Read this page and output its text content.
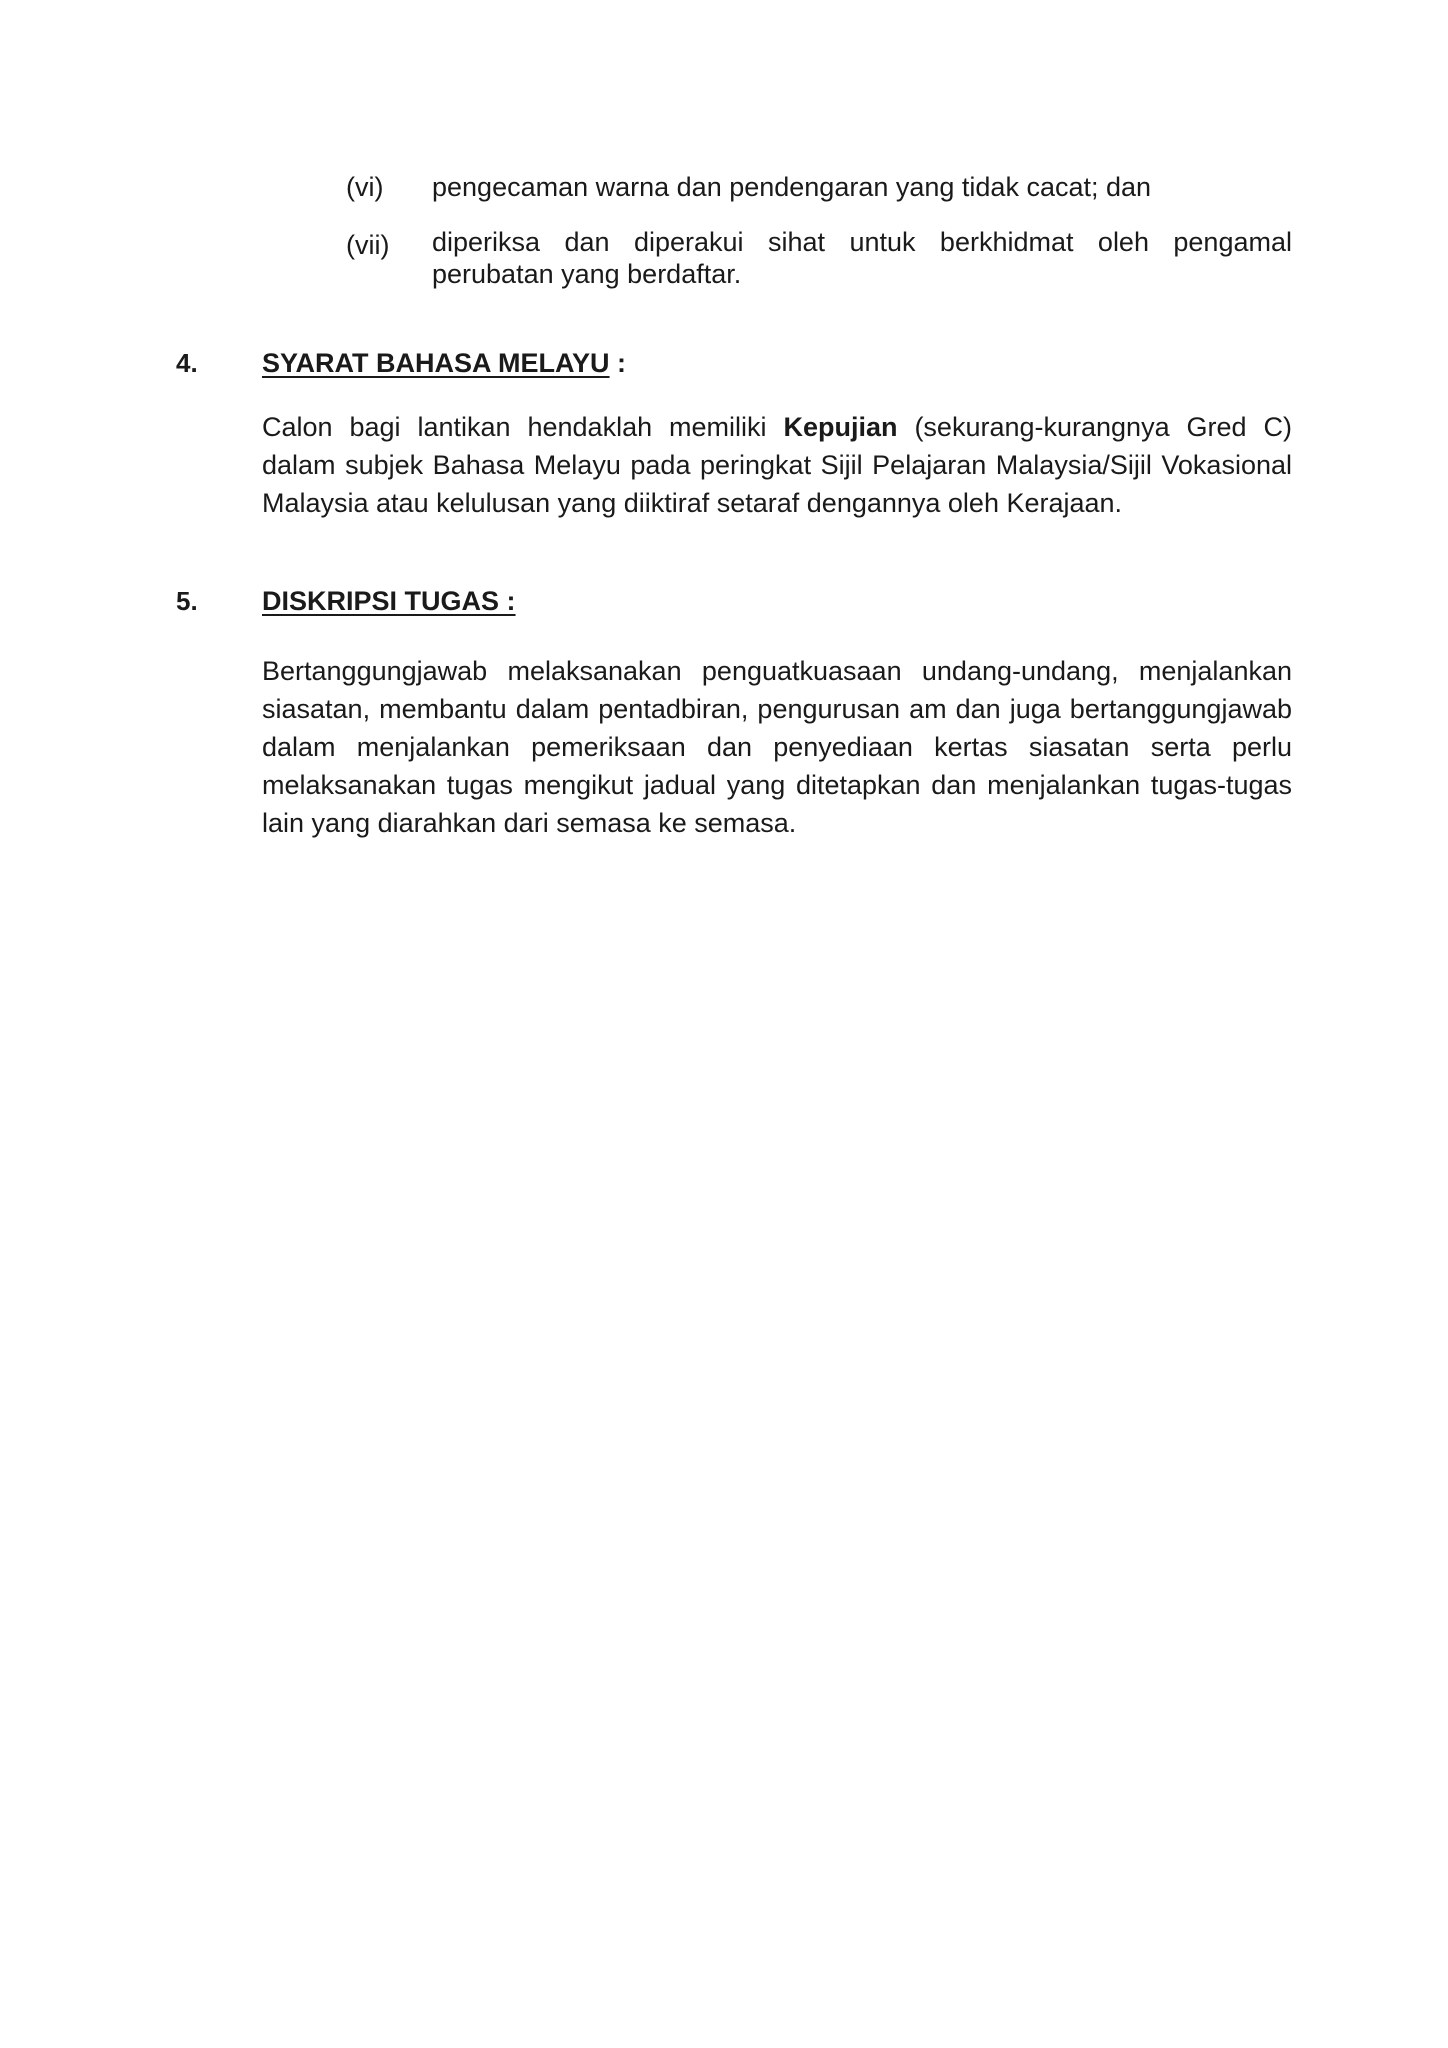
(vi) pengecaman warna dan pendengaran yang tidak cacat; dan
(vii) diperiksa dan diperakui sihat untuk berkhidmat oleh pengamal perubatan yang berdaftar.
4. SYARAT BAHASA MELAYU :
Calon bagi lantikan hendaklah memiliki Kepujian (sekurang-kurangnya Gred C) dalam subjek Bahasa Melayu pada peringkat Sijil Pelajaran Malaysia/Sijil Vokasional Malaysia atau kelulusan yang diiktiraf setaraf dengannya oleh Kerajaan.
5. DISKRIPSI TUGAS :
Bertanggungjawab melaksanakan penguatkuasaan undang-undang, menjalankan siasatan, membantu dalam pentadbiran, pengurusan am dan juga bertanggungjawab dalam menjalankan pemeriksaan dan penyediaan kertas siasatan serta perlu melaksanakan tugas mengikut jadual yang ditetapkan dan menjalankan tugas-tugas lain yang diarahkan dari semasa ke semasa.
